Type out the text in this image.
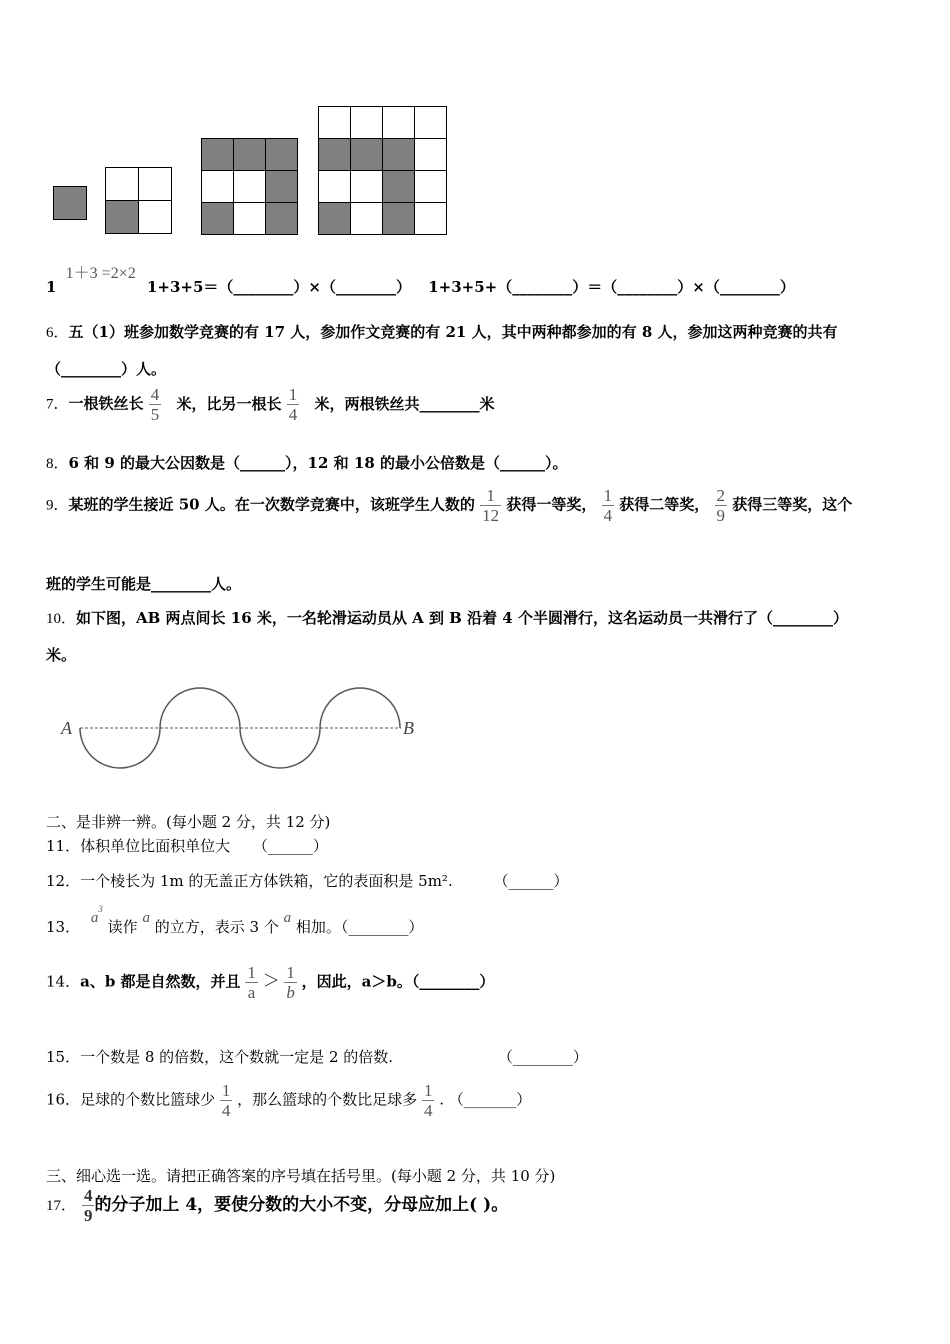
1 1＋3 =2×2 1+3+5＝（________）×（________） 1+3+5+（________）＝（________）×（________）
6．五（1）班参加数学竞赛的有 17 人，参加作文竞赛的有 21 人，其中两种都参加的有 8 人，参加这两种竞赛的共有
（________）人。
7．一根铁丝长 $\frac{4}{5}$ 米，比另一根长 $\frac{1}{4}$ 米，两根铁丝共________米
8．6 和 9 的最大公因数是（______），12 和 18 的最小公倍数是（______）。
9．某班的学生接近 50 人。在一次数学竞赛中，该班学生人数的 $\frac{1}{12}$ 获得一等奖， $\frac{1}{4}$ 获得二等奖， $\frac{2}{9}$ 获得三等奖，这个
班的学生可能是________人。
10．如下图，AB 两点间长 16 米，一名轮滑运动员从 A 到 B 沿着 4 个半圆滑行，这名运动员一共滑行了（________）
米。
A	B
二、是非辨一辨。(每小题 2 分，共 12 分)
11．体积单位比面积单位大 （______）
12．一个棱长为 1m 的无盖正方体铁箱，它的表面积是 5m².	（______）
13． $a^3$ 读作 a 的立方，表示 3 个 a 相加。（________）
14．a、b 都是自然数，并且 $\frac{1}{a} > \frac{1}{b}$ ，因此，a＞b。（________）
15．一个数是 8 的倍数，这个数就一定是 2 的倍数.	（________）
16．足球的个数比篮球少 $\frac{1}{4}$ ，那么篮球的个数比足球多 $\frac{1}{4}$ . （_______）
三、细心选一选。请把正确答案的序号填在括号里。(每小题 2 分，共 10 分)
17． $\frac{4}{9}$ 的分子加上 4，要使分数的大小不变，分母应加上( )。
